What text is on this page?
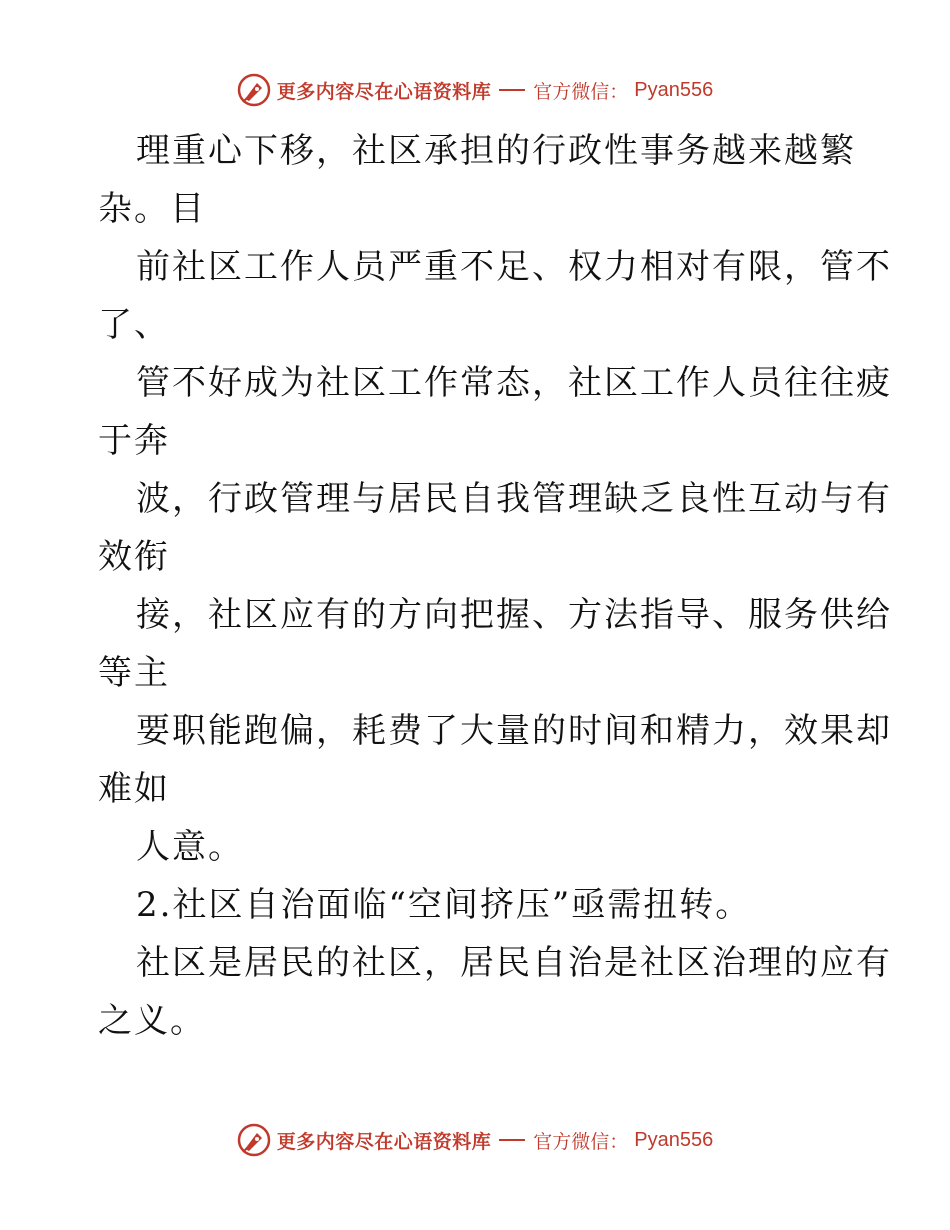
更多内容尽在心语资料库 官方微信： Pyan556
理重心下移，社区承担的行政性事务越来越繁
杂。目
前社区工作人员严重不足、权力相对有限，管不
了、
管不好成为社区工作常态，社区工作人员往往疲
于奔
波，行政管理与居民自我管理缺乏良性互动与有
效衔
接，社区应有的方向把握、方法指导、服务供给
等主
要职能跑偏，耗费了大量的时间和精力，效果却
难如
人意。
2.社区自治面临“空间挤压”亟需扭转。
社区是居民的社区，居民自治是社区治理的应有
之义。
更多内容尽在心语资料库 官方微信： Pyan556
